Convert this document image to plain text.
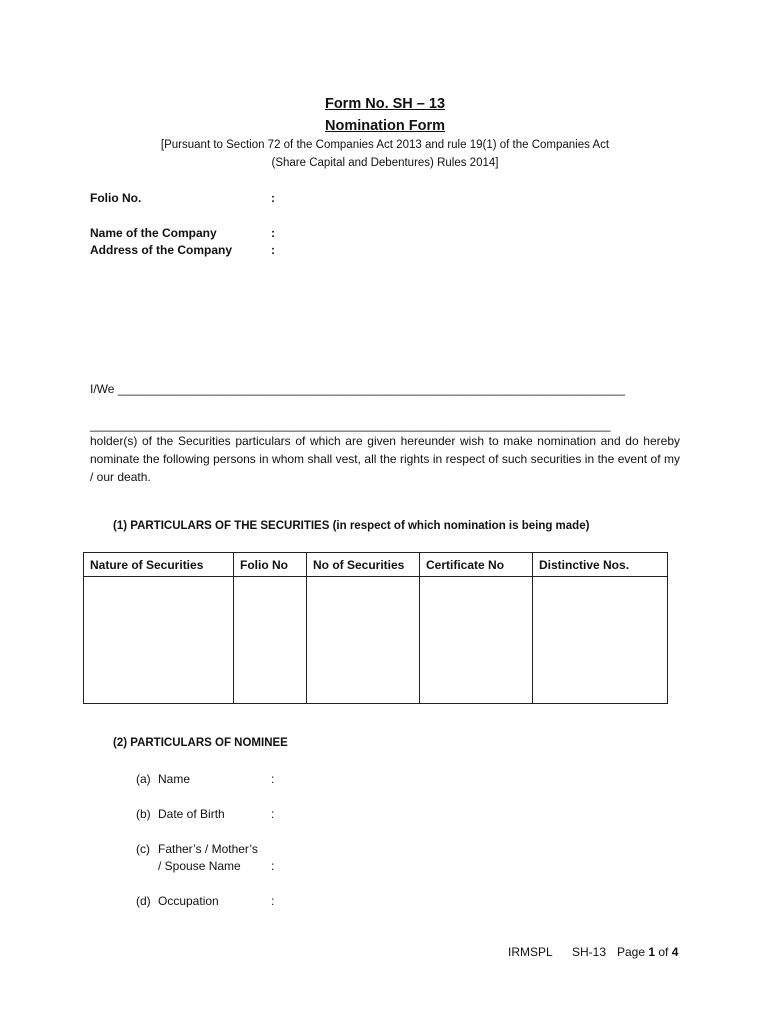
Form No. SH – 13
Nomination Form
[Pursuant to Section 72 of the Companies Act 2013 and rule 19(1) of the Companies Act
(Share Capital and Debentures) Rules 2014]
Folio No.	:
Name of the Company	:
Address of the Company	:
I/We ____________________________________________________________________________
______________________________________________________________________________
holder(s) of the Securities particulars of which are given hereunder wish to make nomination and do hereby nominate the following persons in whom shall vest, all the rights in respect of such securities in the event of my / our death.
(1) PARTICULARS OF THE SECURITIES (in respect of which nomination is being made)
Nature of Securities	Folio No	No of Securities	Certificate No	Distinctive Nos.

(2) PARTICULARS OF NOMINEE
(a) Name	:
(b) Date of Birth	:
(c) Father’s / Mother’s
/ Spouse Name	:
(d) Occupation	:
IRMSPL SH-13 Page 1 of 4
